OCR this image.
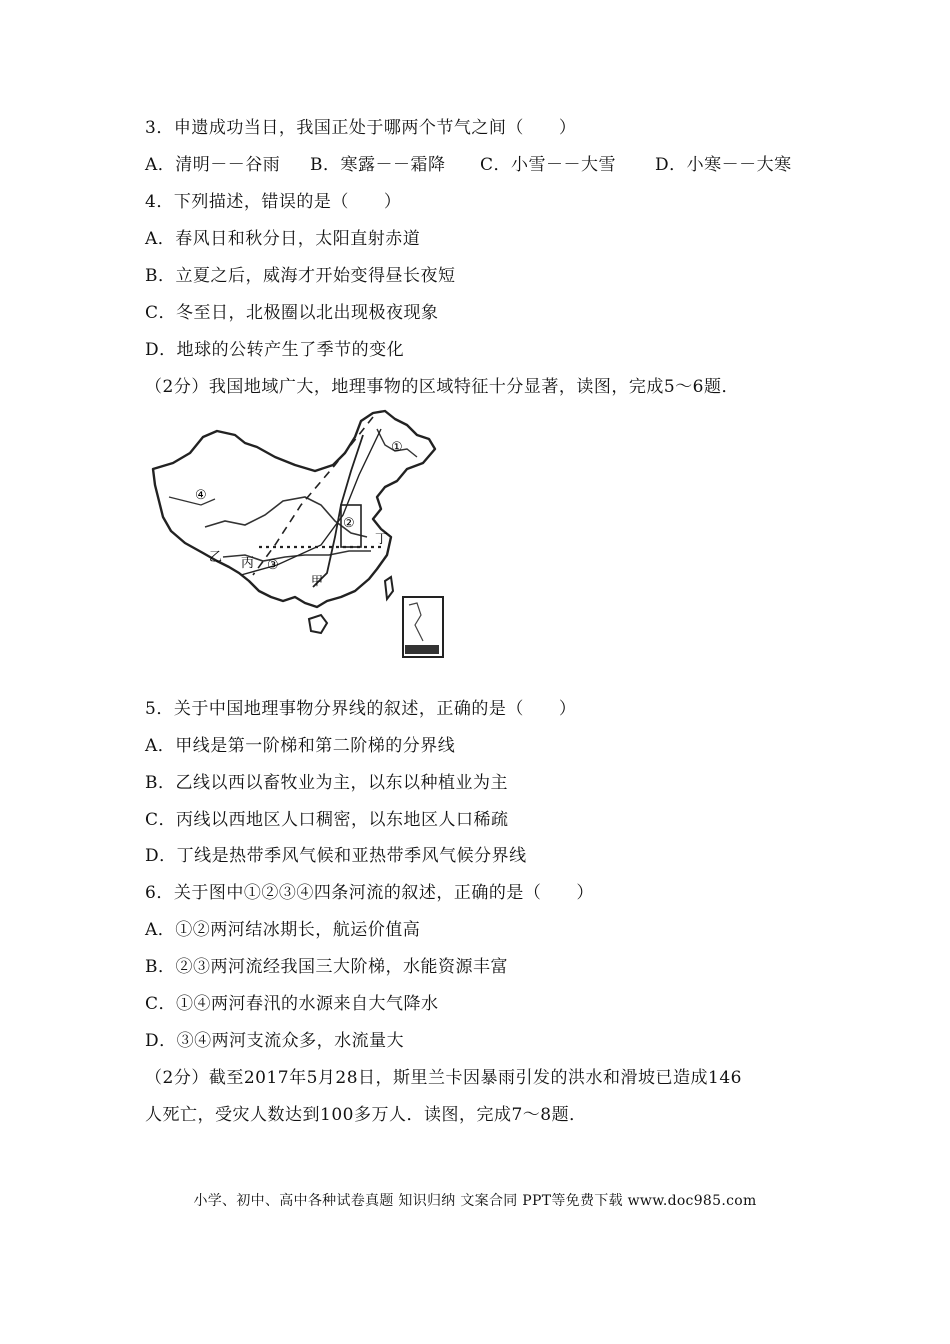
3．申遗成功当日，我国正处于哪两个节气之间（　　）
A．清明－－谷雨 B．寒露－－霜降 C．小雪－－大雪 D．小寒－－大寒
4．下列描述，错误的是（　　）
A．春风日和秋分日，太阳直射赤道
B．立夏之后，威海才开始变得昼长夜短
C．冬至日，北极圈以北出现极夜现象
D．地球的公转产生了季节的变化
（2分）我国地域广大，地理事物的区域特征十分显著，读图，完成5～6题．
①
②
③
④
甲
乙 丙
丁
5．关于中国地理事物分界线的叙述，正确的是（　　）
A．甲线是第一阶梯和第二阶梯的分界线
B．乙线以西以畜牧业为主，以东以种植业为主
C．丙线以西地区人口稠密，以东地区人口稀疏
D．丁线是热带季风气候和亚热带季风气候分界线
6．关于图中①②③④四条河流的叙述，正确的是（　　）
A．①②两河结冰期长，航运价值高
B．②③两河流经我国三大阶梯，水能资源丰富
C．①④两河春汛的水源来自大气降水
D．③④两河支流众多，水流量大
（2分）截至2017年5月28日，斯里兰卡因暴雨引发的洪水和滑坡已造成146
人死亡，受灾人数达到100多万人．读图，完成7～8题．
小学、初中、高中各种试卷真题 知识归纳 文案合同 PPT等免费下载 www.doc985.com
